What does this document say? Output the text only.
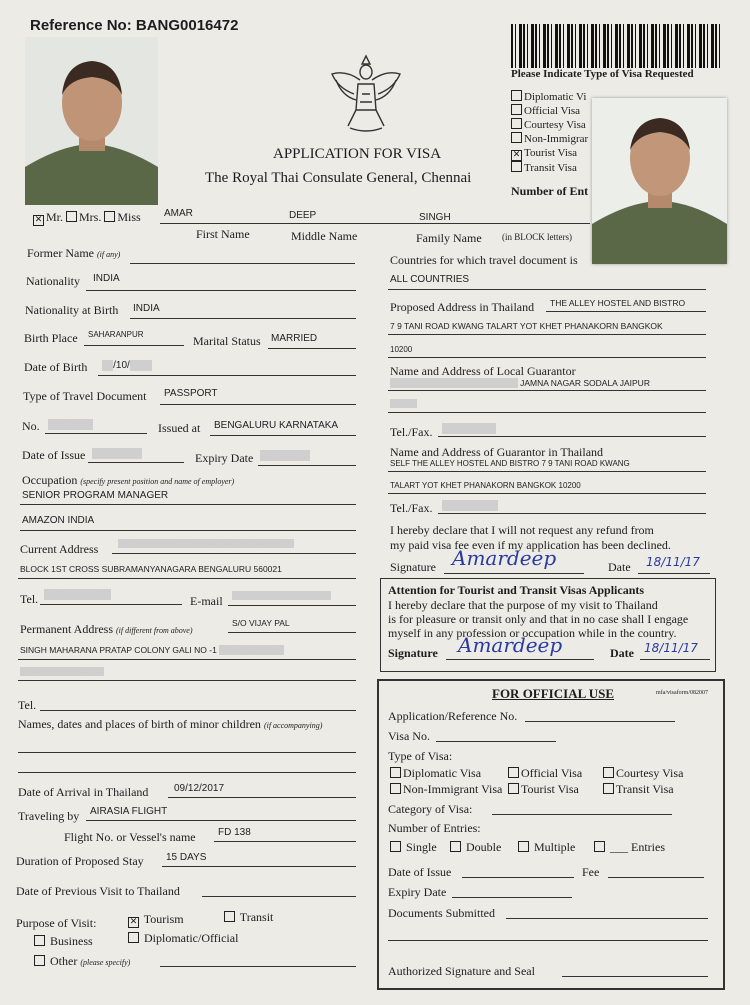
Reference No: BANG0016472
APPLICATION FOR VISA
The Royal Thai Consulate General, Chennai
Please Indicate Type of Visa Requested
Diplomatic Vi
Official Visa
Courtesy Visa
Non-Immigrar
✕ Tourist Visa
Transit Visa
Number of Ent
✕ Mr. Mrs. Miss AMAR	DEEP	SINGH
First Name	Middle Name	Family Name (in BLOCK letters)
Former Name (if any)
Nationality INDIA
Nationality at Birth INDIA
Birth Place SAHARANPUR	Marital Status MARRIED
Date of Birth 17/10/1983
Type of Travel Document PASSPORT
No. Z4453010	Issued at BENGALURU KARNATAKA
Date of Issue 10/09/2017	Expiry Date 10/09/2027
Occupation (specify present position and name of employer)
SENIOR PROGRAM MANAGER
AMAZON INDIA
Current Address 1011 SAGUI BUILDING 2ND FLOOR 14TH MAIN
BLOCK 1ST CROSS SUBRAMANYANAGARA BENGALURU 560021
Tel. 919900000013	E-mail AMARDEEP@GMAIL.COM
Permanent Address (if different from above)
S/O VIJAY PAL
SINGH MAHARANA PRATAP COLONY GALI NO -1 CHHUTMALPUR
SAHARANPUR 247662
Tel.
Names, dates and places of birth of minor children (if accompanying)
Date of Arrival in Thailand	09/12/2017
Traveling by AIRASIA FLIGHT
Flight No. or Vessel's name FD 138
Duration of Proposed Stay 15 DAYS
Date of Previous Visit to Thailand
Purpose of Visit:	✕ Tourism	Transit
Business	Diplomatic/Official
Other (please specify)
Countries for which travel document is
ALL COUNTRIES
Proposed Address in Thailand THE ALLEY HOSTEL AND BISTRO
7 9 TANI ROAD KWANG TALART YOT KHET PHANAKORN BANGKOK
10200
Name and Address of Local Guarantor
ANIL KUMAR GOYAL BRIJ KUNJ JAMNA NAGAR SODALA JAIPUR
302019
Tel./Fax. 9111223333
Name and Address of Guarantor in Thailand
SELF THE ALLEY HOSTEL AND BISTRO 7 9 TANI ROAD KWANG
TALART YOT KHET PHANAKORN BANGKOK 10200
Tel./Fax. 6622225542
I hereby declare that I will not request any refund from
my paid visa fee even if my application has been declined.
Signature Amardeep	Date 18/11/17
Attention for Tourist and Transit Visas Applicants
I hereby declare that the purpose of my visit to Thailand
is for pleasure or transit only and that in no case shall I engage
myself in any profession or occupation while in the country.
Signature Amardeep	Date 18/11/17
FOR OFFICIAL USE	mfa/visaform/082007
Application/Reference No.
Visa No.
Type of Visa:
Diplomatic Visa	Official Visa	Courtesy Visa
Non-Immigrant Visa	Tourist Visa	Transit Visa
Category of Visa:
Number of Entries:
Single	Double	Multiple	___ Entries
Date of Issue	Fee
Expiry Date
Documents Submitted
Authorized Signature and Seal
